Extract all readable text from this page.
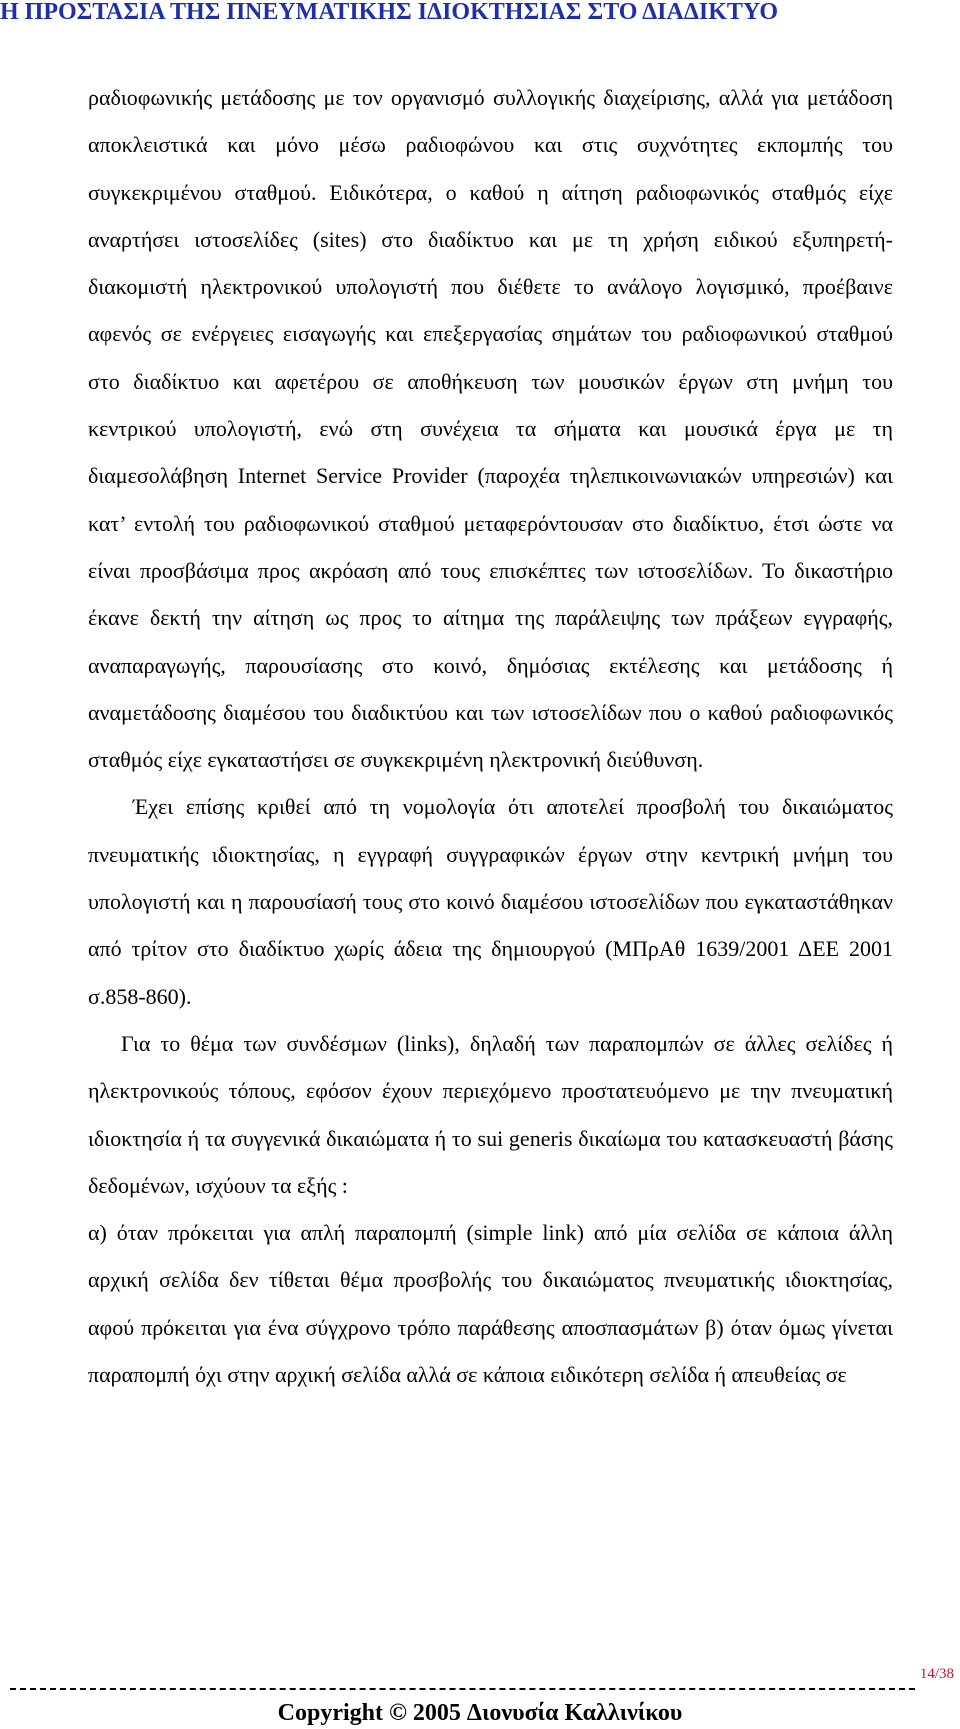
Η ΠΡΟΣΤΑΣΙΑ ΤΗΣ ΠΝΕΥΜΑΤΙΚΗΣ ΙΔΙΟΚΤΗΣΙΑΣ ΣΤΟ ΔΙΑΔΙΚΤΥΟ

ραδιοφωνικής μετάδοσης με τον οργανισμό συλλογικής διαχείρισης, αλλά για μετάδοση αποκλειστικά και μόνο μέσω ραδιοφώνου και στις συχνότητες εκπομπής του συγκεκριμένου σταθμού. Ειδικότερα, ο καθού η αίτηση ραδιοφωνικός σταθμός είχε αναρτήσει ιστοσελίδες (sites) στο διαδίκτυο και με τη χρήση ειδικού εξυπηρετή-διακομιστή ηλεκτρονικού υπολογιστή που διέθετε το ανάλογο λογισμικό, προέβαινε αφενός σε ενέργειες εισαγωγής και επεξεργασίας σημάτων του ραδιοφωνικού σταθμού στο διαδίκτυο και αφετέρου σε αποθήκευση των μουσικών έργων στη μνήμη του κεντρικού υπολογιστή, ενώ στη συνέχεια τα σήματα και μουσικά έργα με τη διαμεσολάβηση Internet Service Provider (παροχέα τηλεπικοινωνιακών υπηρεσιών) και κατ’ εντολή του ραδιοφωνικού σταθμού μεταφερόντουσαν στο διαδίκτυο, έτσι ώστε να είναι προσβάσιμα προς ακρόαση από τους επισκέπτες των ιστοσελίδων. Το δικαστήριο έκανε δεκτή την αίτηση ως προς το αίτημα της παράλειψης των πράξεων εγγραφής, αναπαραγωγής, παρουσίασης στο κοινό, δημόσιας εκτέλεσης και μετάδοσης ή αναμετάδοσης διαμέσου του διαδικτύου και των ιστοσελίδων που ο καθού ραδιοφωνικός σταθμός είχε εγκαταστήσει σε συγκεκριμένη ηλεκτρονική διεύθυνση.

Έχει επίσης κριθεί από τη νομολογία ότι αποτελεί προσβολή του δικαιώματος πνευματικής ιδιοκτησίας, η εγγραφή συγγραφικών έργων στην κεντρική μνήμη του υπολογιστή και η παρουσίασή τους στο κοινό διαμέσου ιστοσελίδων που εγκαταστάθηκαν από τρίτον στο διαδίκτυο χωρίς άδεια της δημιουργού (ΜΠρΑθ 1639/2001 ΔΕΕ 2001 σ.858-860).

Για το θέμα των συνδέσμων (links), δηλαδή των παραπομπών σε άλλες σελίδες ή ηλεκτρονικούς τόπους, εφόσον έχουν περιεχόμενο προστατευόμενο με την πνευματική ιδιοκτησία ή τα συγγενικά δικαιώματα ή το sui generis δικαίωμα του κατασκευαστή βάσης δεδομένων, ισχύουν τα εξής :

α) όταν πρόκειται για απλή παραπομπή (simple link) από μία σελίδα σε κάποια άλλη αρχική σελίδα δεν τίθεται θέμα προσβολής του δικαιώματος πνευματικής ιδιοκτησίας, αφού πρόκειται για ένα σύγχρονο τρόπο παράθεσης αποσπασμάτων β) όταν όμως γίνεται παραπομπή όχι στην αρχική σελίδα αλλά σε κάποια ειδικότερη σελίδα ή απευθείας σε

14/38
Copyright © 2005 Διονυσία Καλλινίκου
